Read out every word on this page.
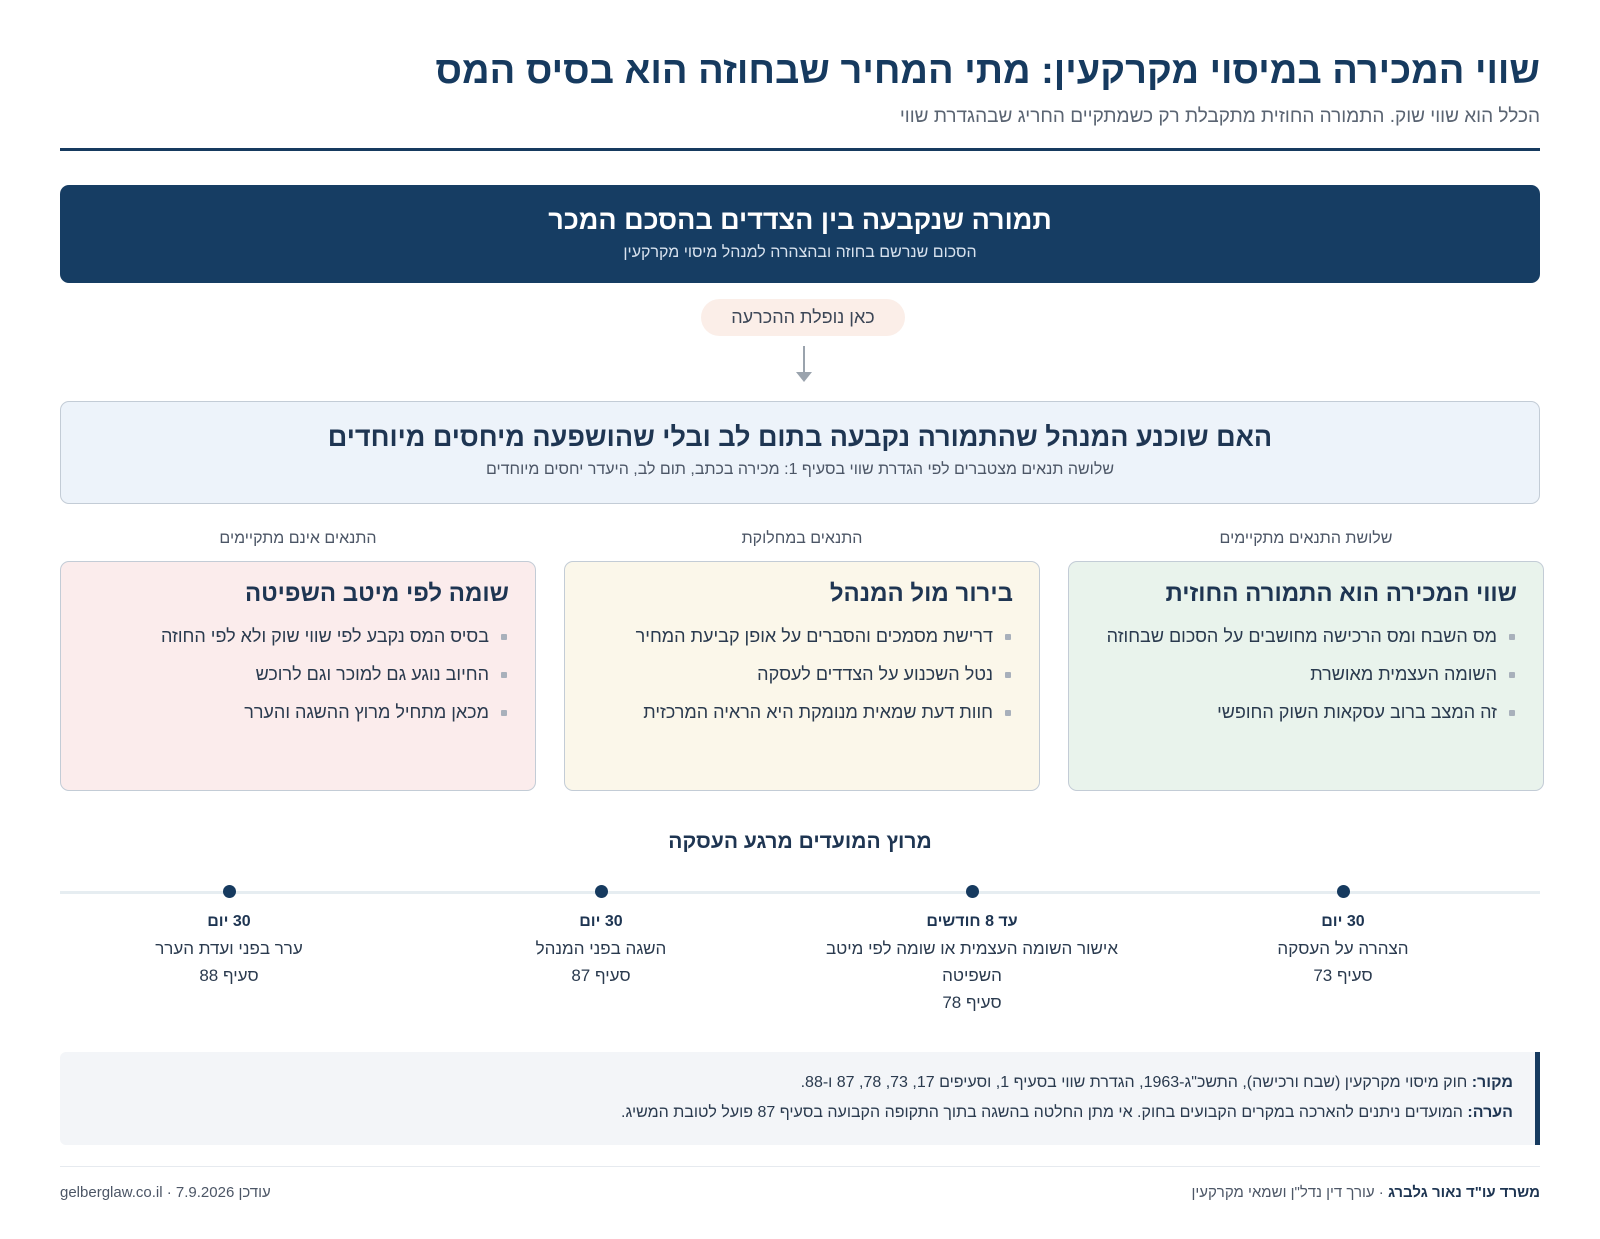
שווי המכירה במיסוי מקרקעין: מתי המחיר שבחוזה הוא בסיס המס
הכלל הוא שווי שוק. התמורה החוזית מתקבלת רק כשמתקיים החריג שבהגדרת שווי
תמורה שנקבעה בין הצדדים בהסכם המכר
הסכום שנרשם בחוזה ובהצהרה למנהל מיסוי מקרקעין
כאן נופלת ההכרעה
האם שוכנע המנהל שהתמורה נקבעה בתום לב ובלי שהושפעה מיחסים מיוחדים
שלושה תנאים מצטברים לפי הגדרת שווי בסעיף 1: מכירה בכתב, תום לב, היעדר יחסים מיוחדים
שלושת התנאים מתקיימים
התנאים במחלוקת
התנאים אינם מתקיימים
שווי המכירה הוא התמורה החוזית
מס השבח ומס הרכישה מחושבים על הסכום שבחוזה
השומה העצמית מאושרת
זה המצב ברוב עסקאות השוק החופשי
בירור מול המנהל
דרישת מסמכים והסברים על אופן קביעת המחיר
נטל השכנוע על הצדדים לעסקה
חוות דעת שמאית מנומקת היא הראיה המרכזית
שומה לפי מיטב השפיטה
בסיס המס נקבע לפי שווי שוק ולא לפי החוזה
החיוב נוגע גם למוכר וגם לרוכש
מכאן מתחיל מרוץ ההשגה והערר
מרוץ המועדים מרגע העסקה
30 יום
הצהרה על העסקה
סעיף 73
עד 8 חודשים
אישור השומה העצמית או שומה לפי מיטב השפיטה
סעיף 78
30 יום
השגה בפני המנהל
סעיף 87
30 יום
ערר בפני ועדת הערר
סעיף 88

מקור: חוק מיסוי מקרקעין (שבח ורכישה), התשכ"ג-1963, הגדרת שווי בסעיף 1, וסעיפים 17, 73, 78, 87 ו-88.

הערה: המועדים ניתנים להארכה במקרים הקבועים בחוק. אי מתן החלטה בהשגה בתוך התקופה הקבועה בסעיף 87 פועל לטובת המשיג.

משרד עו"ד נאור גלברג · עורך דין נדל"ן ושמאי מקרקעין
עודכן 7.9.2026 · gelberglaw.co.il
